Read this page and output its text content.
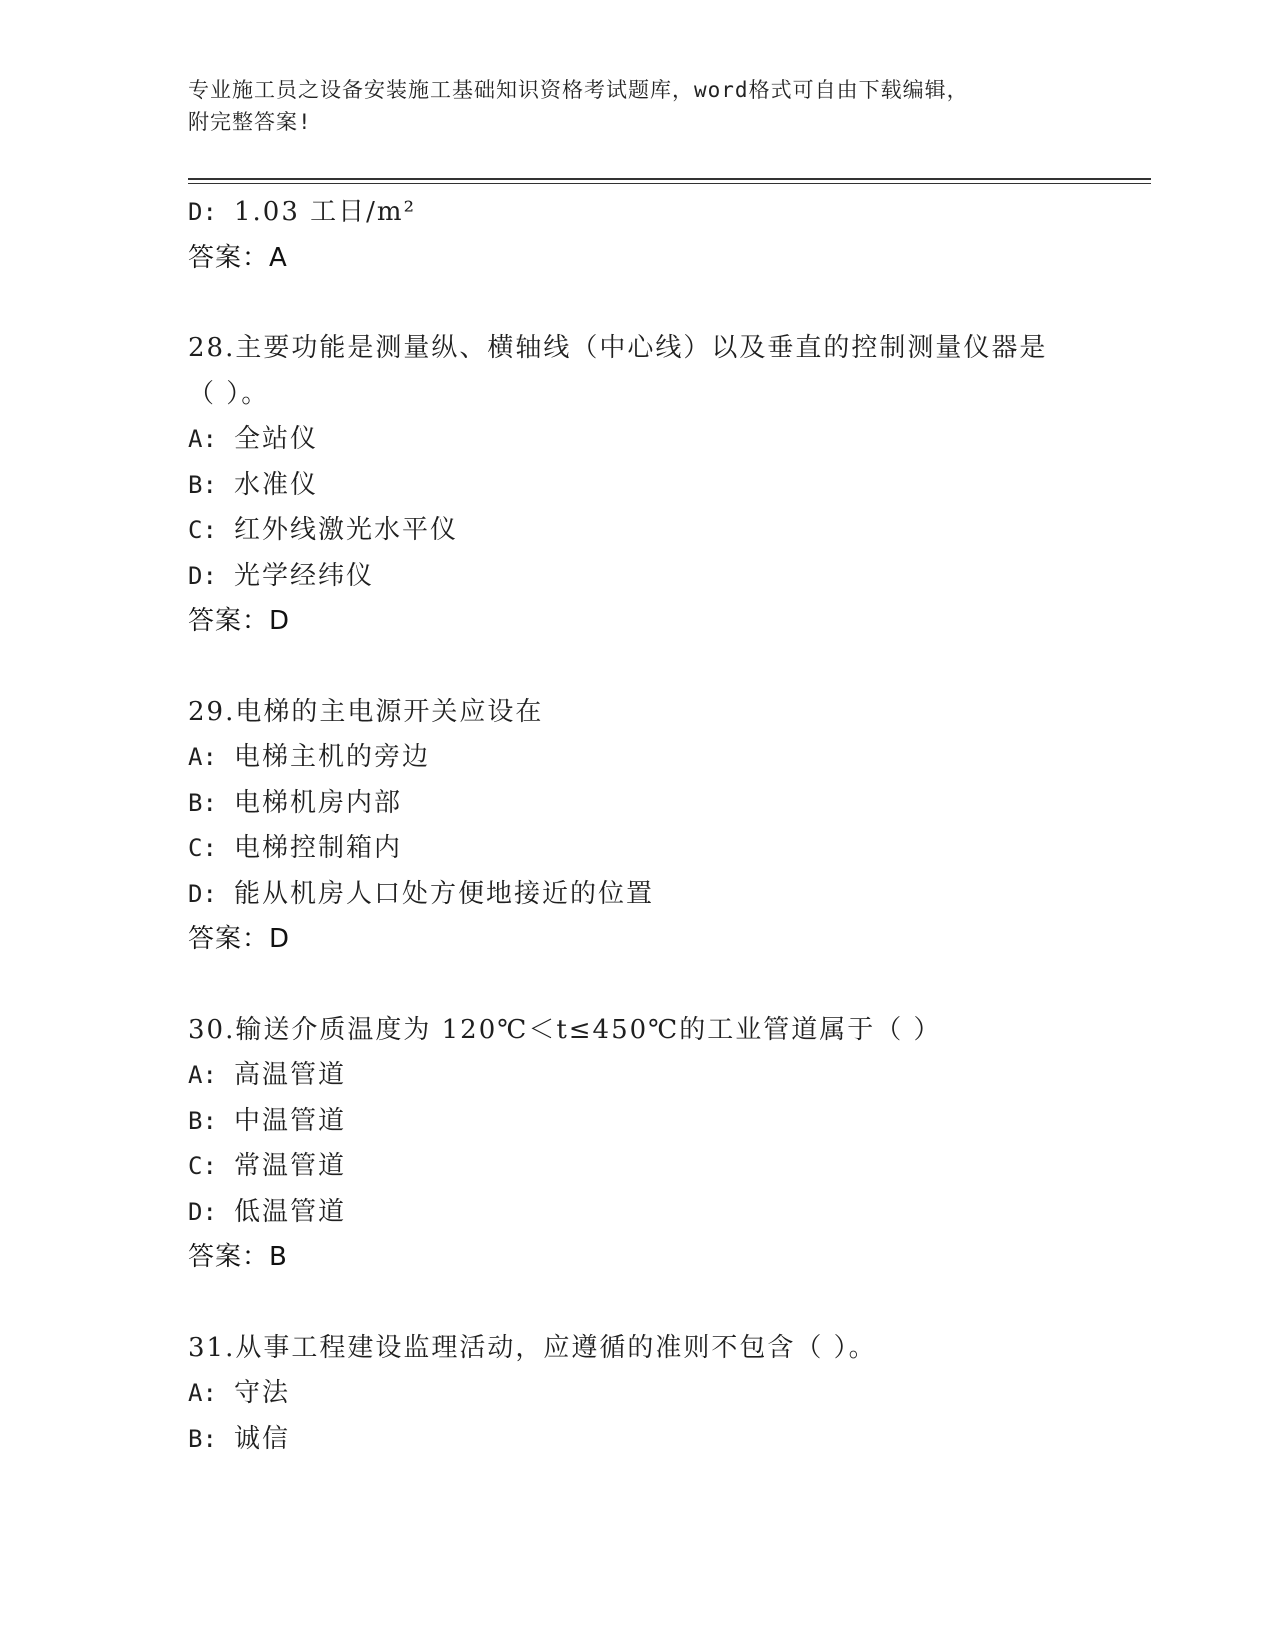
专业施工员之设备安装施工基础知识资格考试题库，word格式可自由下载编辑，
附完整答案!
D: 1.03 工日/m²
答案：A
28.主要功能是测量纵、横轴线（中心线）以及垂直的控制测量仪器是
（ ）。
A: 全站仪
B: 水准仪
C: 红外线激光水平仪
D: 光学经纬仪
答案：D
29.电梯的主电源开关应设在
A: 电梯主机的旁边
B: 电梯机房内部
C: 电梯控制箱内
D: 能从机房人口处方便地接近的位置
答案：D
30.输送介质温度为 120℃＜t≤450℃的工业管道属于（ ）
A: 高温管道
B: 中温管道
C: 常温管道
D: 低温管道
答案：B
31.从事工程建设监理活动，应遵循的准则不包含（ ）。
A: 守法
B: 诚信
